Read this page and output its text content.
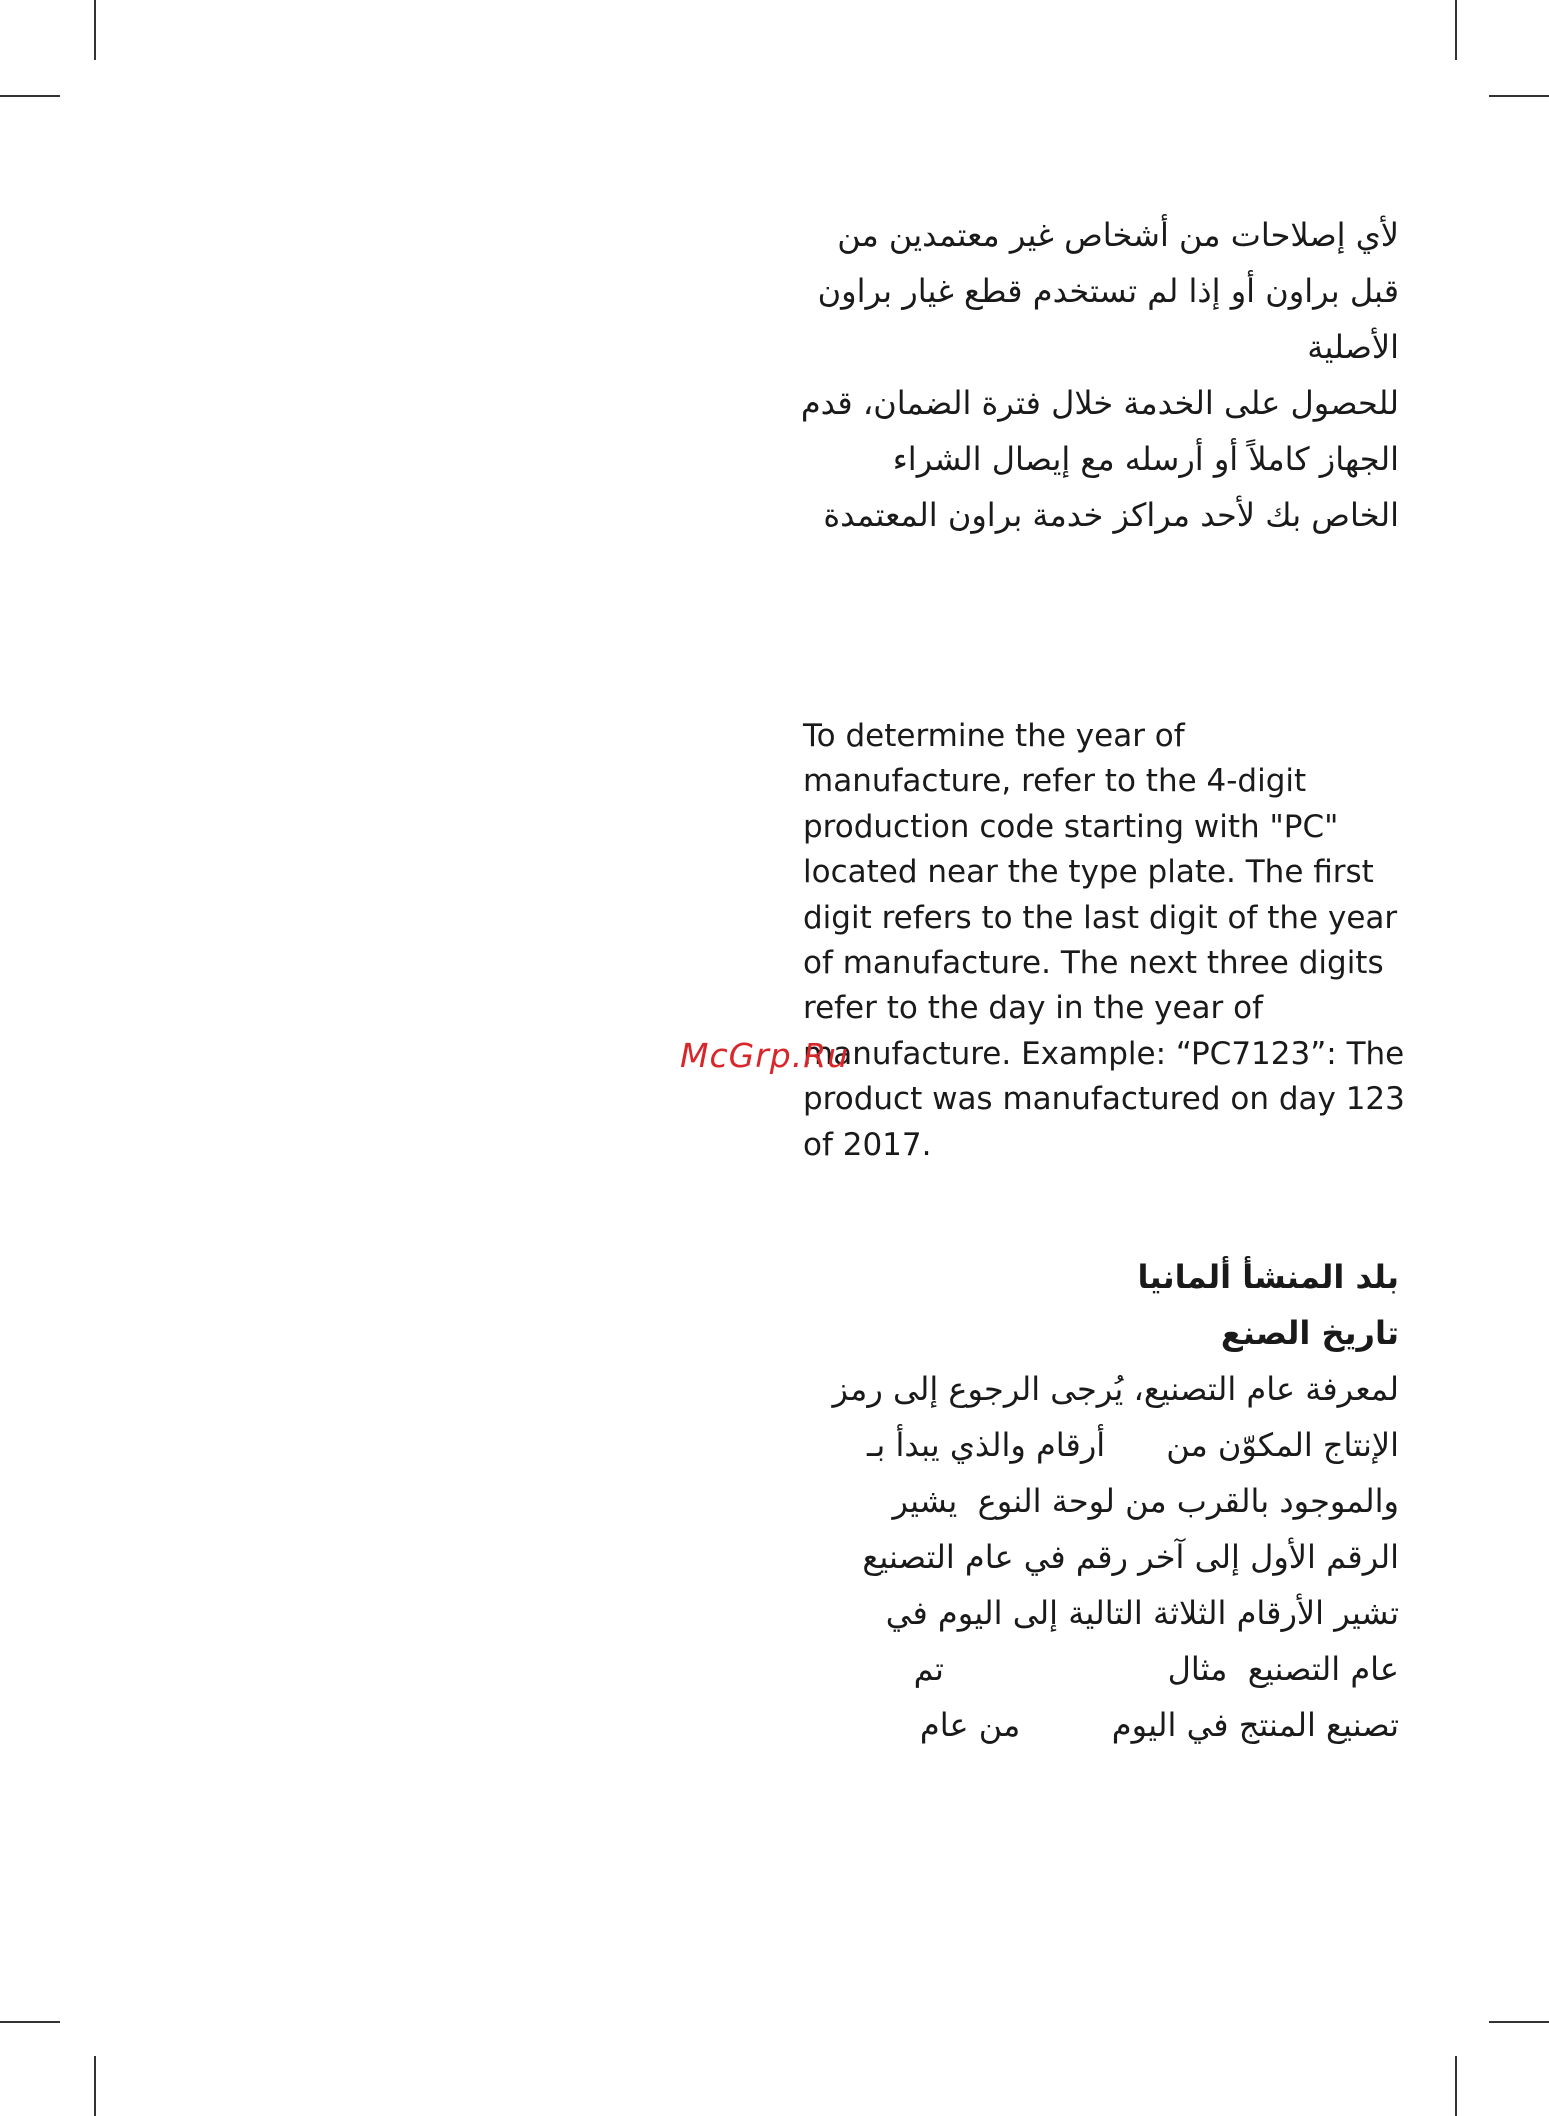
لأي إصلاحات من أشخاص غير معتمدين من
قبل براون أو إذا لم تستخدم قطع غيار براون
الأصلية
للحصول على الخدمة خلال فترة الضمان، قدم
الجهاز كاملاً أو أرسله مع إيصال الشراء
الخاص بك لأحد مراكز خدمة براون المعتمدة
To determine the year of
manufacture, refer to the 4-digit
production code starting with "PC"
located near the type plate. The first
digit refers to the last digit of the year
of manufacture. The next three digits
refer to the day in the year of
manufacture. Example: “PC7123”: The
product was manufactured on day 123
of 2017.
McGrp.Ru
بلد المنشأ ألمانيا
تاريخ الصنع
لمعرفة عام التصنيع، يُرجى الرجوع إلى رمز
الإنتاج المكوّن من      أرقام والذي يبدأ بـ
والموجود بالقرب من لوحة النوع  يشير
الرقم الأول إلى آخر رقم في عام التصنيع
تشير الأرقام الثلاثة التالية إلى اليوم في
عام التصنيع  مثال                      تم
تصنيع المنتج في اليوم         من عام
